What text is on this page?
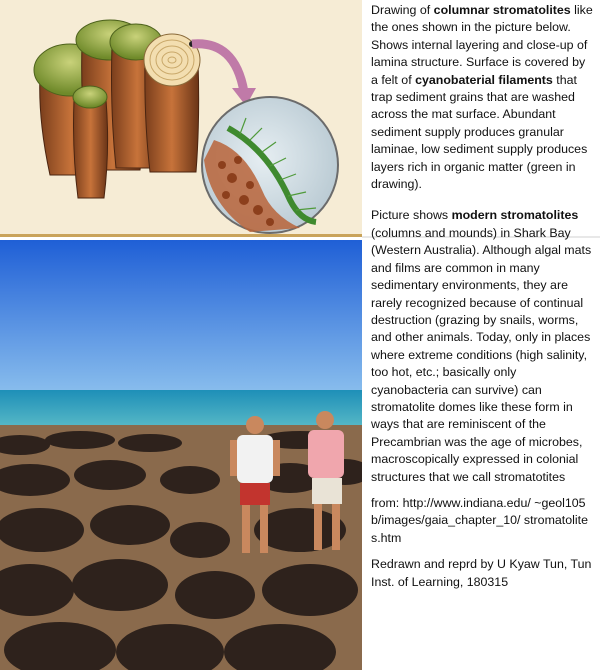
Drawing of columnar stromatolites like the ones shown in the picture below. Shows internal layering and close-up of lamina structure. Surface is covered by a felt of cyanobaterial filaments that trap sediment grains that are washed across the mat surface. Abundant sediment supply produces granular laminae, low sediment supply produces layers rich in organic matter (green in drawing).

Picture shows modern stromatolites (columns and mounds) in Shark Bay (Western Australia). Although algal mats and films are common in many sedimentary environments, they are rarely recognized because of continual destruction (grazing by snails, worms, and other animals. Today, only in places where extreme conditions (high salinity, too hot, etc.; basically only cyanobacteria can survive) can stromatolite domes like these form in ways that are reminiscent of the Precambrian was the age of microbes, macroscopically expressed in colonial structures that we call stromatotites

from: http://www.indiana.edu/ ~geol105b/images/gaia_chapter_10/ stromatolites.htm

Redrawn and reprd by U Kyaw Tun, Tun Inst. of Learning, 180315
